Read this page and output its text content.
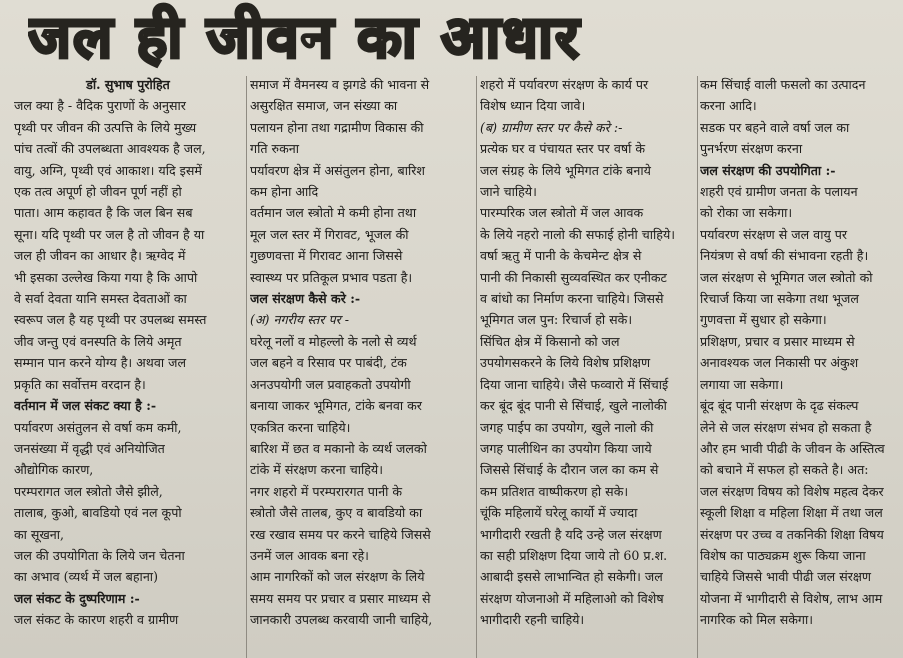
जल ही जीवन का आधार

डॉ. सुभाष पुरोहित

जल क्या है - वैदिक पुराणों के अनुसार

पृथ्वी पर जीवन की उत्पत्ति के लिये मुख्य

पांच तत्वों की उपलब्धता आवश्यक है जल,

वायु, अग्नि, पृथ्वी एवं आकाश। यदि इसमें

एक तत्व अपूर्ण हो जीवन पूर्ण नहीं हो

पाता। आम कहावत है कि जल बिन सब

सूना। यदि पृथ्वी पर जल है तो जीवन है या

जल ही जीवन का आधार है। ऋग्वेद में

भी इसका उल्लेख किया गया है कि आपो

वे सर्वा देवता यानि समस्त देवताओं का

स्वरूप जल है यह पृथ्वी पर उपलब्ध समस्त

जीव जन्तु एवं वनस्पति के लिये अमृत

सम्मान पान करने योग्य है। अथवा जल

प्रकृति का सर्वोत्तम वरदान है।

वर्तमान में जल संकट क्या है :-

पर्यावरण असंतुलन से वर्षा कम कमी,

जनसंख्या में वृद्धी एवं अनियोजित

औद्योगिक कारण,

परम्परागत जल स्त्रोतो जैसे झीले,

तालाब, कुओ, बावडियो एवं नल कूपो

का सूखना,

जल की उपयोगिता के लिये जन चेतना

का अभाव (व्यर्थ में जल बहाना)

जल संकट के दुष्परिणाम :-

जल संकट के कारण शहरी व ग्रामीण

समाज में वैमनस्य व झगडे की भावना से

असुरक्षित समाज, जन संख्या का

पलायन होना तथा गद्रामीण विकास की

गति रुकना

पर्यावरण क्षेत्र में असंतुलन होना, बारिश

कम होना आदि

वर्तमान जल स्त्रोतो मे कमी होना तथा

मूल जल स्तर में गिरावट, भूजल की

गुछणवत्ता में गिरावट आना जिससे

स्वास्थ्य पर प्रतिकूल प्रभाव पडता है।

जल संरक्षण कैसे करे :-

(अ) नगरीय स्तर पर -

घरेलू नलों व मोहल्लो के नलो से व्यर्थ

जल बहने व रिसाव पर पाबंदी, टंक

अनउपयोगी जल प्रवाहकतो उपयोगी

बनाया जाकर भूमिगत, टांके बनवा कर

एकत्रित करना चाहिये।

बारिश में छत व मकानो के व्यर्थ जलको

टांके में संरक्षण करना चाहिये।

नगर शहरो में परम्परारगत पानी के

स्त्रोतो जैसे तालब, कुए व बावडियो का

रख रखाव समय पर करने चाहिये जिससे

उनमें जल आवक बना रहे।

आम नागरिकों को जल संरक्षण के लिये

समय समय पर प्रचार व प्रसार माध्यम से

जानकारी उपलब्ध करवायी जानी चाहिये,

शहरो में पर्यावरण संरक्षण के कार्य पर

विशेष ध्यान दिया जावे।

(ब) ग्रामीण स्तर पर कैसे करे :-

प्रत्येक घर व पंचायत स्तर पर वर्षा के

जल संग्रह के लिये भूमिगत टांके बनाये

जाने चाहिये।

पारम्परिक जल स्त्रोतो में जल आवक

के लिये नहरो नालो की सफाई होनी चाहिये।

वर्षा ऋतु में पानी के केचमेन्ट क्षेत्र से

पानी की निकासी सुव्यवस्थित कर एनीकट

व बांधो का निर्माण करना चाहिये। जिससे

भूमिगत जल पुन: रिचार्ज हो सके।

सिंचित क्षेत्र में किसानो को जल

उपयोगसकरने के लिये विशेष प्रशिक्षण

दिया जाना चाहिये। जैसे फव्वारो में सिंचाई

कर बूंद बूंद पानी से सिंचाई, खुले नालोकी

जगह पाईप का उपयोग, खुले नालो की

जगह पालीथिन का उपयोग किया जाये

जिससे सिंचाई के दौरान जल का कम से

कम प्रतिशत वाष्पीकरण हो सके।

चूंकि महिलायें घरेलू कार्यो में ज्यादा

भागीदारी रखती है यदि उन्हे जल संरक्षण

का सही प्रशिक्षण दिया जाये तो 60 प्र.श.

आबादी इससे लाभान्वित हो सकेगी। जल

संरक्षण योजनाओ में महिलाओ को विशेष

भागीदारी रहनी चाहिये।

कम सिंचाई वाली फसलो का उत्पादन

करना आदि।

सडक पर बहने वाले वर्षा जल का

पुनर्भरण संरक्षण करना

जल संरक्षण की उपयोगिता :-

शहरी एवं ग्रामीण जनता के पलायन

को रोका जा सकेगा।

पर्यावरण संरक्षण से जल वायु पर

नियंत्रण से वर्षा की संभावना रहती है।

जल संरक्षण से भूमिगत जल स्त्रोतो को

रिचार्ज किया जा सकेगा तथा भूजल

गुणवत्ता में सुधार हो सकेगा।

प्रशिक्षण, प्रचार व प्रसार माध्यम से

अनावश्यक जल निकासी पर अंकुश

लगाया जा सकेगा।

बूंद बूंद पानी संरक्षण के दृढ संकल्प

लेने से जल संरक्षण संभव हो सकता है

और हम भावी पीढी के जीवन के अस्तित्व

को बचाने में सफल हो सकते है। अत:

जल संरक्षण विषय को विशेष महत्व देकर

स्कूली शिक्षा व महिला शिक्षा में तथा जल

संरक्षण पर उच्च व तकनिकी शिक्षा विषय

विशेष का पाठ्यक्रम शुरू किया जाना

चाहिये जिससे भावी पीढी जल संरक्षण

योजना में भागीदारी से विशेष, लाभ आम

नागरिक को मिल सकेगा।
